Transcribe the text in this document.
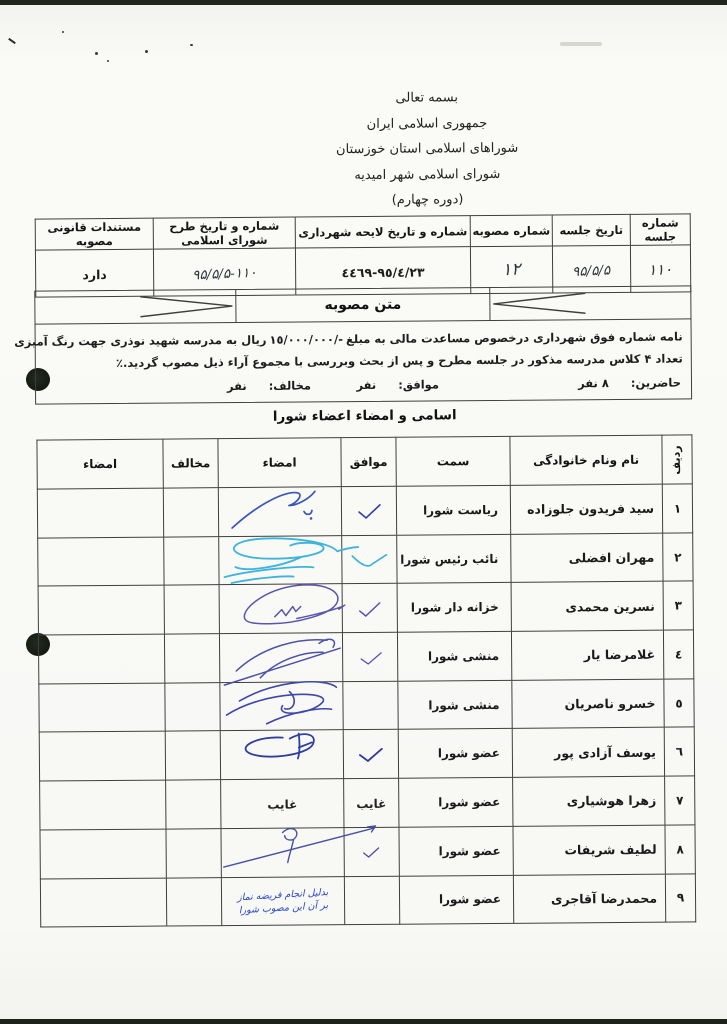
بسمه تعالی
جمهوری اسلامی ایران
شوراهای اسلامی استان خوزستان
شورای اسلامی شهر امیدیه
(دوره چهارم)
شماره جلسه	تاریخ جلسه	شماره مصوبه	شماره و تاریخ لایحه شهرداری	شماره و تاریخ طرح شورای اسلامی	مستندات قانونی مصوبه
۱۱۰	۹۵/۵/۵	۱۲	٩٥/٤/٢٣-٤٤٦٩	۹۵/۵/۵-۱۱۰	دارد
متن مصوبه
نامه شماره فوق شهرداری درخصوص مساعدت مالی به مبلغ١٥/٠٠٠/٠٠٠/-ریال به مدرسه شهید نوذری جهت رنگ آمیزی
تعداد ۴ کلاس مدرسه مذکور در جلسه مطرح و پس از بحث وبررسی با مجموع آراء ذیل مصوب گردید.٪
حاضرین:٨ نفر
موافق:نفر
مخالف:نفر
اسامی و امضاء اعضاء شورا
ردیف	نام ونام خانوادگی	سمت	موافق	امضاء	مخالف	امضاء
١	سید فریدون جلوزاده	ریاست شورا				
٢	مهران افضلی	نائب رئیس شورا				
٣	نسرین محمدی	خزانه دار شورا				
٤	غلامرضا یار	منشی شورا				
٥	خسرو ناصریان	منشی شورا				
٦	یوسف آزادی پور	عضو شورا				
٧	زهرا هوشیاری	عضو شورا	غایب	غایب		
٨	لطیف شریفات	عضو شورا				
٩	محمدرضا آقاجری	عضو شورا		بدلیل انجام فریضه نماز
بر آن این مصوب شورا		
